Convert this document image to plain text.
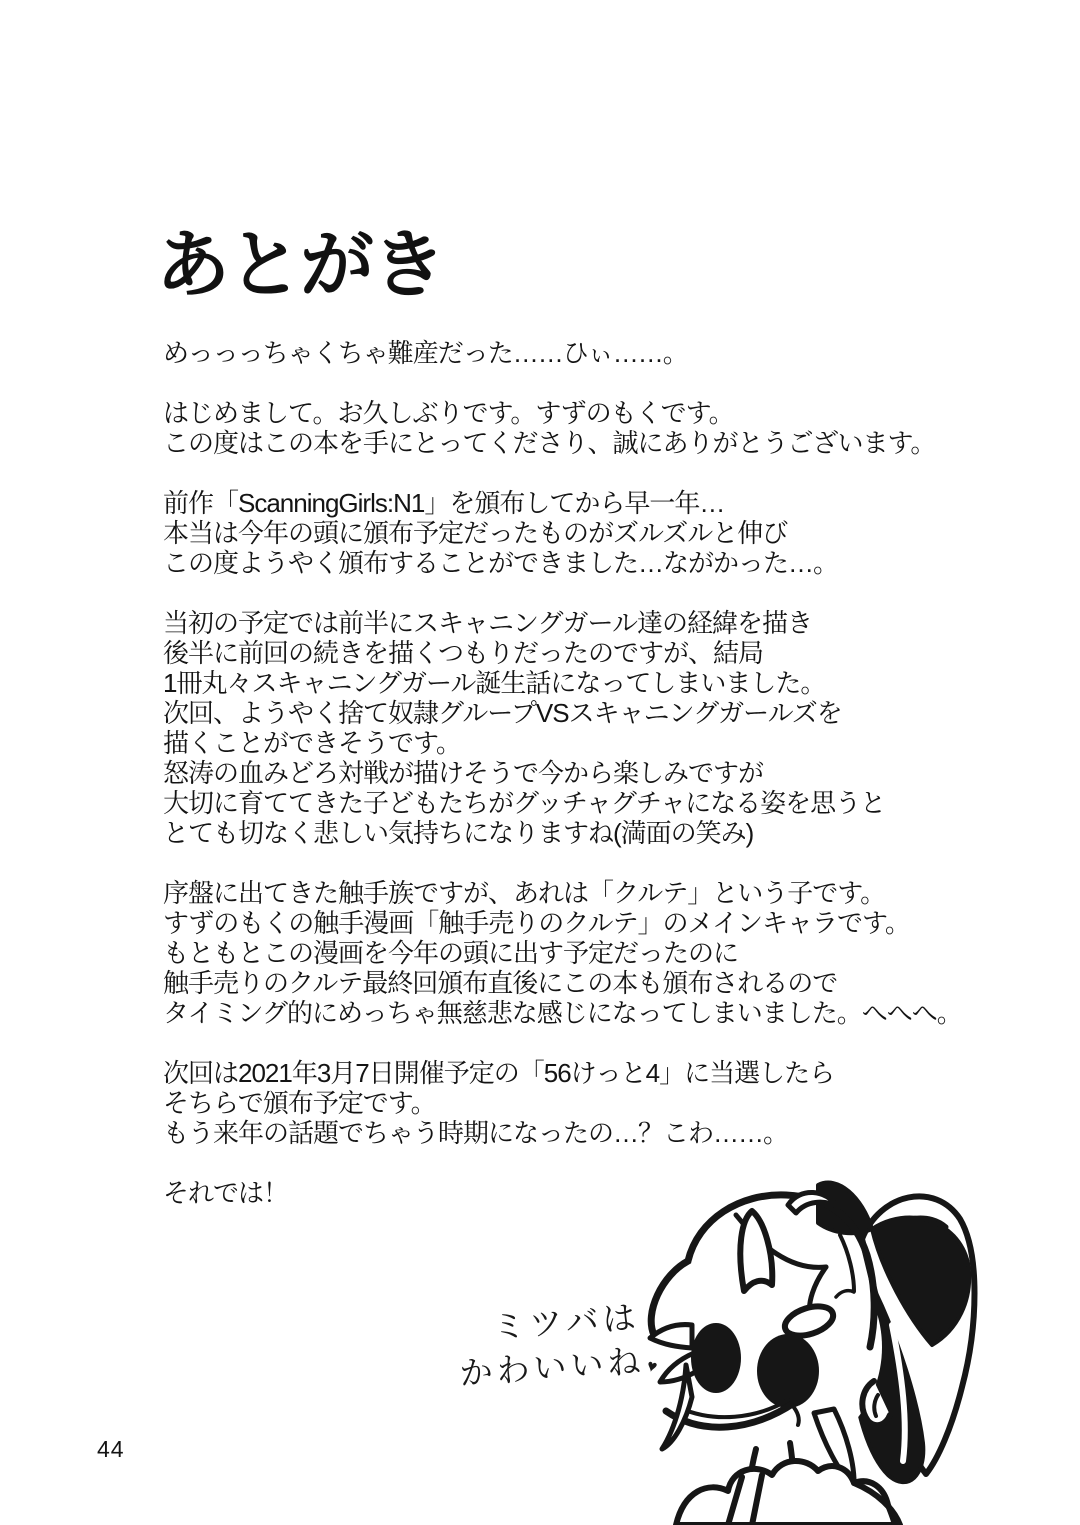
あとがき
めっっっちゃくちゃ難産だった……ひぃ……。
はじめまして。お久しぶりです。すずのもくです。
この度はこの本を手にとってくださり、誠にありがとうございます。
前作「ScanningGirls:N1」を頒布してから早一年…
本当は今年の頭に頒布予定だったものがズルズルと伸び
この度ようやく頒布することができました…ながかった…。
当初の予定では前半にスキャニングガール達の経緯を描き
後半に前回の続きを描くつもりだったのですが、結局
1冊丸々スキャニングガール誕生話になってしまいました。
次回、ようやく捨て奴隷グループVSスキャニングガールズを
描くことができそうです。
怒涛の血みどろ対戦が描けそうで今から楽しみですが
大切に育ててきた子どもたちがグッチャグチャになる姿を思うと
とても切なく悲しい気持ちになりますね(満面の笑み)
序盤に出てきた触手族ですが、あれは「クルテ」という子です。
すずのもくの触手漫画「触手売りのクルテ」のメインキャラです。
もともとこの漫画を今年の頭に出す予定だったのに
触手売りのクルテ最終回頒布直後にこの本も頒布されるので
タイミング的にめっちゃ無慈悲な感じになってしまいました。へへへ。
次回は2021年3月7日開催予定の「56けっと4」に当選したら
そちらで頒布予定です。
もう来年の話題でちゃう時期になったの…？こわ……。
それでは！
ミツバは
かわいいね ♥
44
